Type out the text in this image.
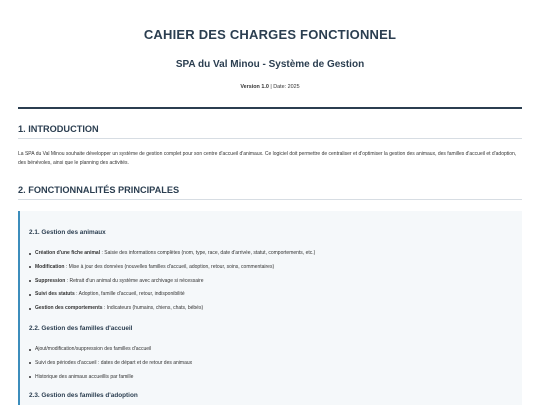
CAHIER DES CHARGES FONCTIONNEL
SPA du Val Minou - Système de Gestion
Version 1.0 | Date: 2025
1. INTRODUCTION
La SPA du Val Minou souhaite développer un système de gestion complet pour son centre d'accueil d'animaux. Ce logiciel doit permettre de centraliser et d'optimiser la gestion des animaux, des familles d'accueil et d'adoption, des bénévoles, ainsi que le planning des activités.
2. FONCTIONNALITÉS PRINCIPALES
2.1. Gestion des animaux
Création d'une fiche animal : Saisie des informations complètes (nom, type, race, date d'arrivée, statut, comportements, etc.)
Modification : Mise à jour des données (nouvelles familles d'accueil, adoption, retour, soins, commentaires)
Suppression : Retrait d'un animal du système avec archivage si nécessaire
Suivi des statuts : Adoption, famille d'accueil, retour, indisponibilité
Gestion des comportements : Indicateurs (humains, chiens, chats, bébés)
2.2. Gestion des familles d'accueil
Ajout/modification/suppression des familles d'accueil
Suivi des périodes d'accueil : dates de départ et de retour des animaux
Historique des animaux accueillis par famille
2.3. Gestion des familles d'adoption
